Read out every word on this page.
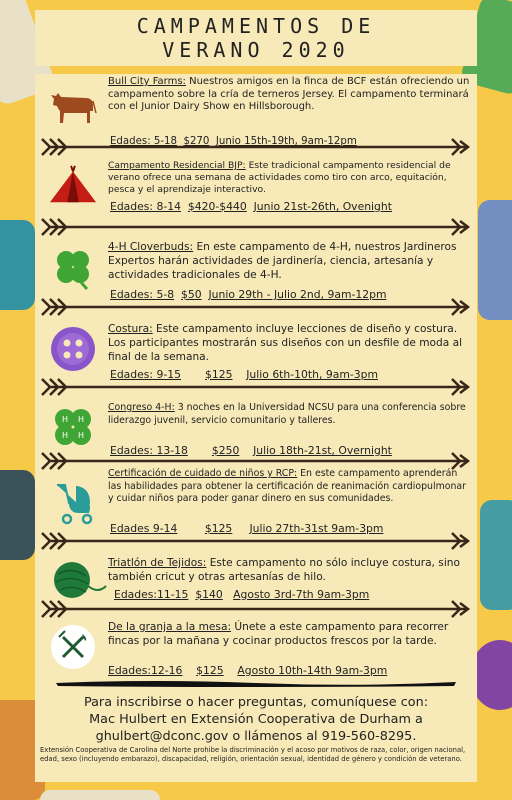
CAMPAMENTOS DE
VERANO 2020
Bull City Farms: Nuestros amigos en la finca de BCF están ofreciendo un campamento sobre la cría de terneros Jersey. El campamento terminará con el Junior Dairy Show en Hillsborough.
Edades: 5-18 $270 Junio 15th-19th, 9am-12pm
Campamento Residencial BJP: Este tradicional campamento residencial de verano ofrece una semana de actividades como tiro con arco, equitación, pesca y el aprendizaje interactivo.
Edades: 8-14 $420-$440 Junio 21st-26th, Ovenight
4-H Cloverbuds: En este campamento de 4-H, nuestros Jardineros Expertos harán actividades de jardinería, ciencia, artesanía y actividades tradicionales de 4-H.
Edades: 5-8 $50 Junio 29th - Julio 2nd, 9am-12pm
Costura: Este campamento incluye lecciones de diseño y costura. Los participantes mostrarán sus diseños con un desfile de moda al final de la semana.
Edades: 9-15 $125 Julio 6th-10th, 9am-3pm
H H
H H
Congreso 4-H: 3 noches en la Universidad NCSU para una conferencia sobre liderazgo juvenil, servicio comunitario y talleres.
Edades: 13-18 $250 Julio 18th-21st, Overnight
Certificación de cuidado de niños y RCP: En este campamento aprenderán las habilidades para obtener la certificación de reanimación cardiopulmonar y cuidar niños para poder ganar dinero en sus comunidades.
Edades 9-14	$125 Julio 27th-31st 9am-3pm
Triatlón de Tejidos: Este campamento no sólo incluye costura, sino también cricut y otras artesanías de hilo.
Edades:11-15 $140 Agosto 3rd-7th 9am-3pm
De la granja a la mesa: Únete a este campamento para recorrer fincas por la mañana y cocinar productos frescos por la tarde.
Edades:12-16 $125 Agosto 10th-14th 9am-3pm
Para inscribirse o hacer preguntas, comuníquese con:
Mac Hulbert en Extensión Cooperativa de Durham a
ghulbert@dconc.gov o llámenos al 919-560-8295.
Extensión Cooperativa de Carolina del Norte prohibe la discriminación y el acoso por motivos de raza, color, origen nacional, edad, sexo (incluyendo embarazo), discapacidad, religión, orientación sexual, identidad de género y condición de veterano.
